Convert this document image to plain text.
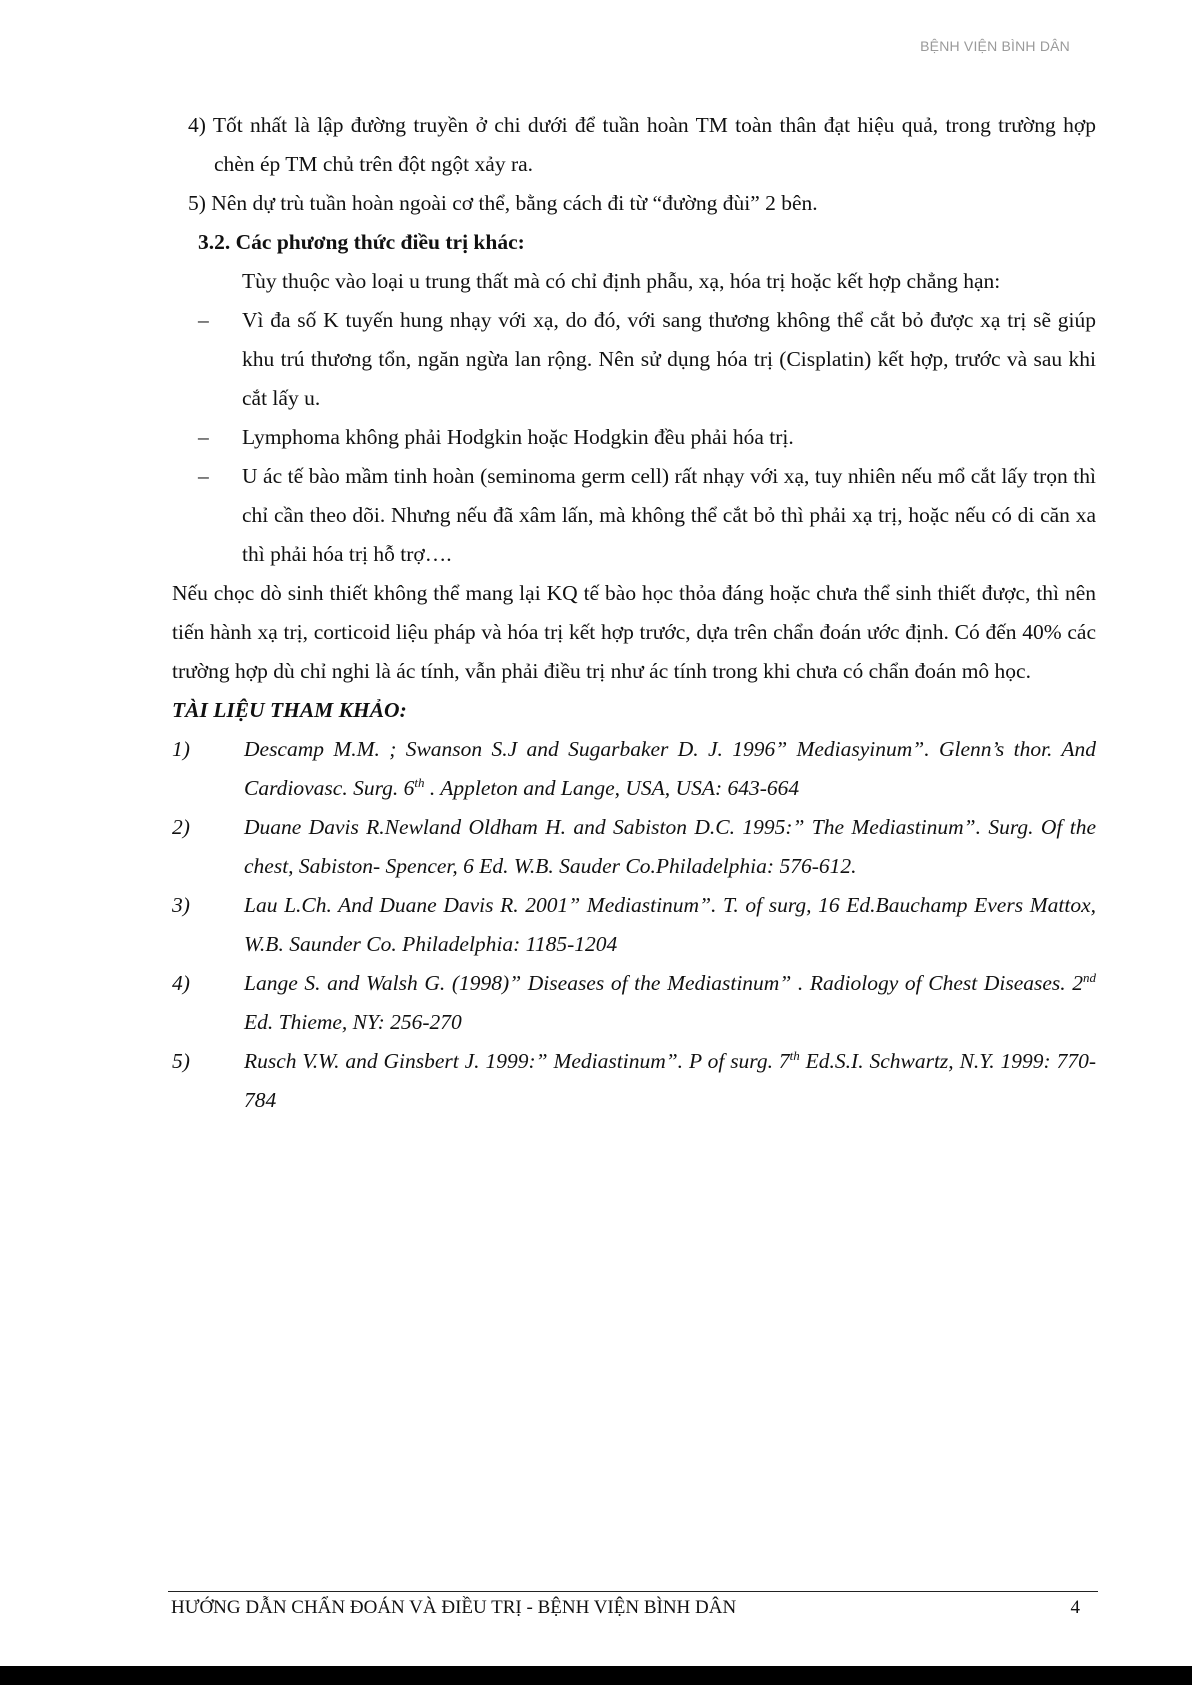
BỆNH VIỆN BÌNH DÂN

4) Tốt nhất là lập đường truyền ở chi dưới để tuần hoàn TM toàn thân đạt hiệu quả, trong trường hợp chèn ép TM chủ trên đột ngột xảy ra.

5) Nên dự trù tuần hoàn ngoài cơ thể, bằng cách đi từ “đường đùi” 2 bên.

3.2. Các phương thức điều trị khác:

Tùy thuộc vào loại u trung thất mà có chỉ định phẫu, xạ, hóa trị hoặc kết hợp chẳng hạn:

– Vì đa số K tuyến hung nhạy với xạ, do đó, với sang thương không thể cắt bỏ được xạ trị sẽ giúp khu trú thương tổn, ngăn ngừa lan rộng. Nên sử dụng hóa trị (Cisplatin) kết hợp, trước và sau khi cắt lấy u.
– Lymphoma không phải Hodgkin hoặc Hodgkin đều phải hóa trị.
– U ác tế bào mầm tinh hoàn (seminoma germ cell) rất nhạy với xạ, tuy nhiên nếu mổ cắt lấy trọn thì chỉ cần theo dõi. Nhưng nếu đã xâm lấn, mà không thể cắt bỏ thì phải xạ trị, hoặc nếu có di căn xa thì phải hóa trị hỗ trợ….

Nếu chọc dò sinh thiết không thể mang lại KQ tế bào học thỏa đáng hoặc chưa thể sinh thiết được, thì nên tiến hành xạ trị, corticoid liệu pháp và hóa trị kết hợp trước, dựa trên chẩn đoán ước định. Có đến 40% các trường hợp dù chỉ nghi là ác tính, vẫn phải điều trị như ác tính trong khi chưa có chẩn đoán mô học.

TÀI LIỆU THAM KHẢO:

1)	Descamp M.M. ; Swanson S.J and Sugarbaker D. J. 1996” Mediasyinum”. Glenn’s thor. And Cardiovasc. Surg. 6th . Appleton and Lange, USA, USA: 643-664
2)	Duane Davis R.Newland Oldham H. and Sabiston D.C. 1995:” The Mediastinum”. Surg. Of the chest, Sabiston- Spencer, 6 Ed. W.B. Sauder Co.Philadelphia: 576-612.
3)	Lau L.Ch. And Duane Davis R. 2001” Mediastinum”. T. of surg, 16 Ed.Bauchamp Evers Mattox, W.B. Saunder Co. Philadelphia: 1185-1204
4)	Lange S. and Walsh G. (1998)” Diseases of the Mediastinum” . Radiology of Chest Diseases. 2nd Ed. Thieme, NY: 256-270
5)	Rusch V.W. and Ginsbert J. 1999:” Mediastinum”. P of surg. 7th Ed.S.I. Schwartz, N.Y. 1999: 770-784
HƯỚNG DẪN CHẨN ĐOÁN VÀ ĐIỀU TRỊ - BỆNH VIỆN BÌNH DÂN	4
